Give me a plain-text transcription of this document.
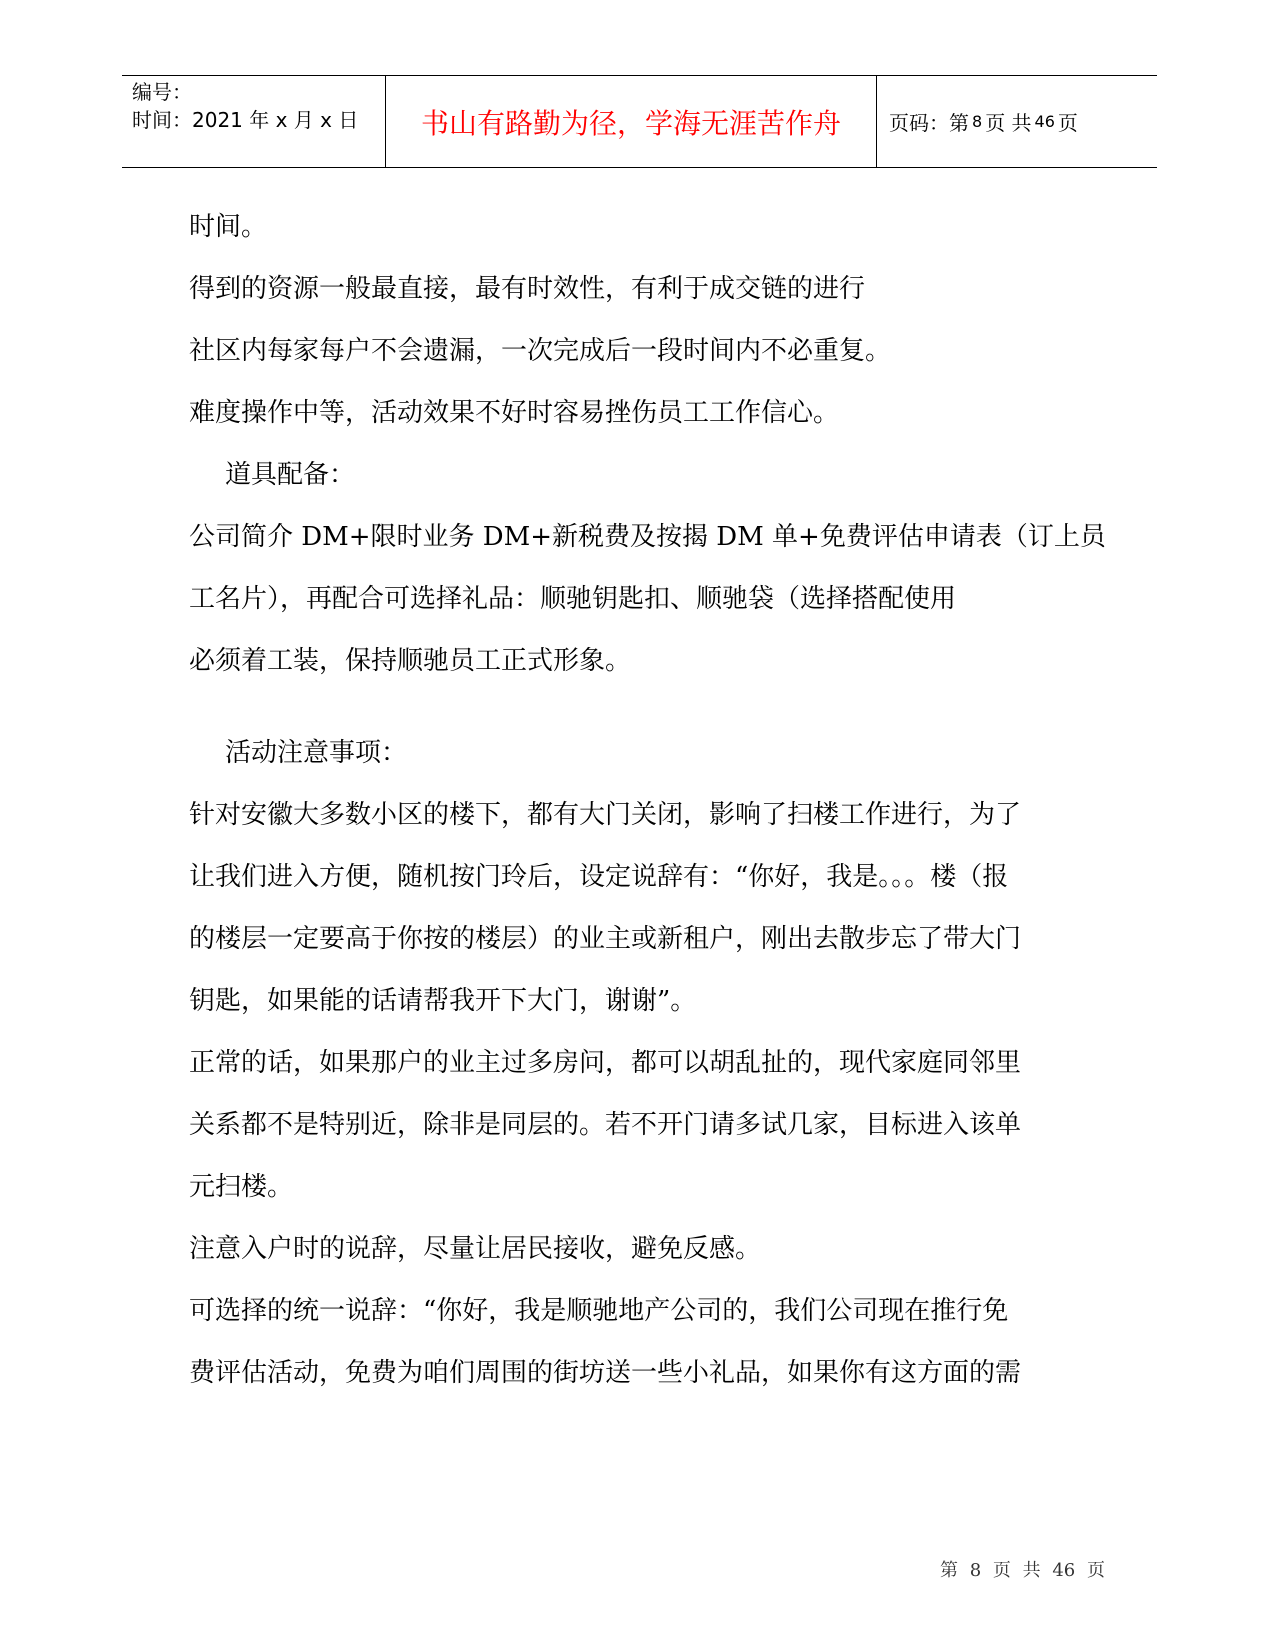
编号：
时间：2021 年 x 月 x 日	书山有路勤为径，学海无涯苦作舟 页码：第 8 页 共 46 页
时间。
得到的资源一般最直接，最有时效性，有利于成交链的进行
社区内每家每户不会遗漏，一次完成后一段时间内不必重复。
难度操作中等，活动效果不好时容易挫伤员工工作信心。
道具配备：
公司简介 DM+限时业务 DM+新税费及按揭 DM 单+免费评估申请表（订上员
工名片），再配合可选择礼品：顺驰钥匙扣、顺驰袋（选择搭配使用
必须着工装，保持顺驰员工正式形象。
活动注意事项：
针对安徽大多数小区的楼下，都有大门关闭，影响了扫楼工作进行，为了
让我们进入方便，随机按门玲后，设定说辞有：“你好，我是。。。楼（报
的楼层一定要高于你按的楼层）的业主或新租户，刚出去散步忘了带大门
钥匙，如果能的话请帮我开下大门，谢谢”。
正常的话，如果那户的业主过多房问，都可以胡乱扯的，现代家庭同邻里
关系都不是特别近，除非是同层的。若不开门请多试几家，目标进入该单
元扫楼。
注意入户时的说辞，尽量让居民接收，避免反感。
可选择的统一说辞：“你好，我是顺驰地产公司的，我们公司现在推行免
费评估活动，免费为咱们周围的街坊送一些小礼品，如果你有这方面的需
第 8 页 共 46 页
